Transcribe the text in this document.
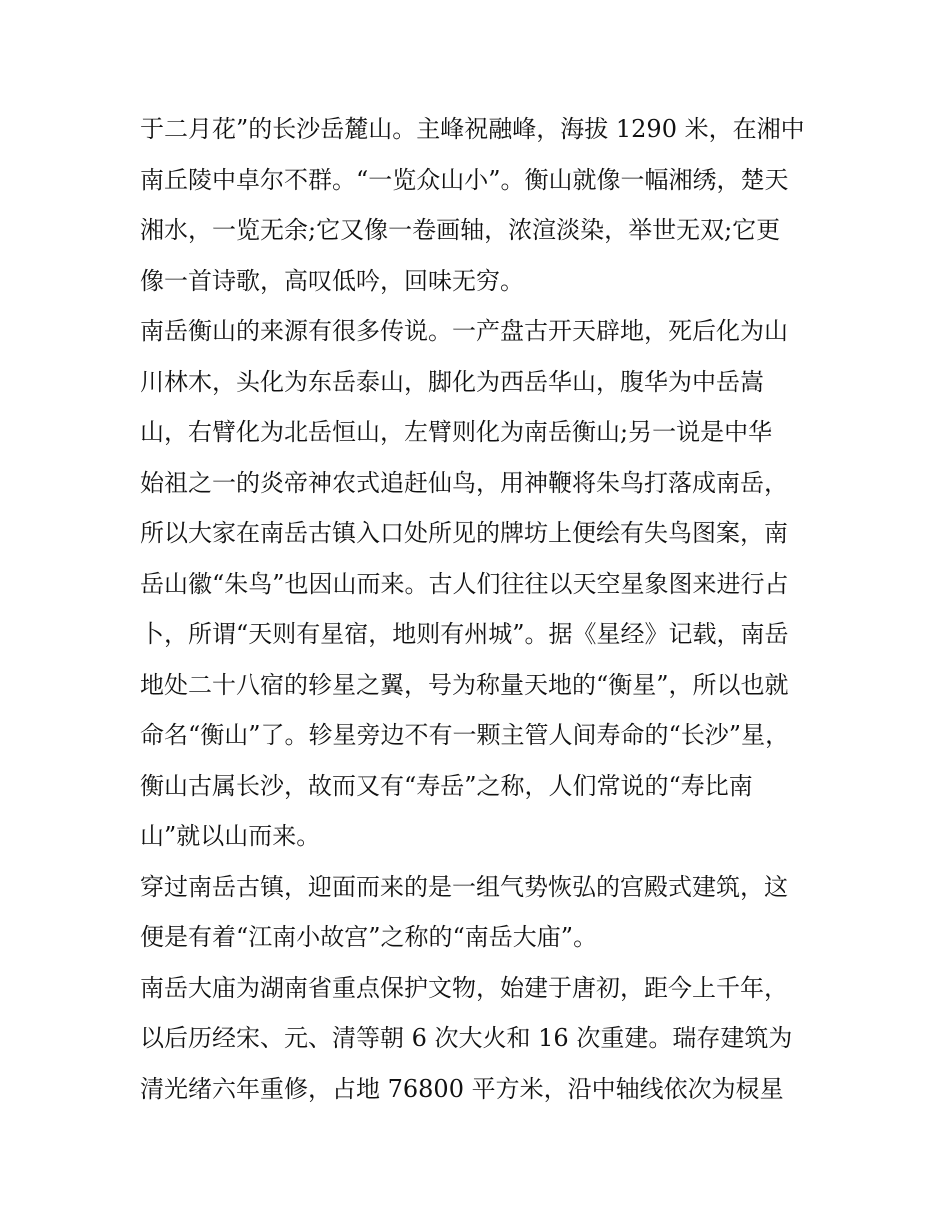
于二月花”的长沙岳麓山。主峰祝融峰，海拔 1290 米，在湘中
南丘陵中卓尔不群。“一览众山小”。衡山就像一幅湘绣，楚天
湘水，一览无余;它又像一卷画轴，浓渲淡染，举世无双;它更
像一首诗歌，高叹低吟，回味无穷。
南岳衡山的来源有很多传说。一产盘古开天辟地，死后化为山
川林木，头化为东岳泰山，脚化为西岳华山，腹华为中岳嵩
山，右臂化为北岳恒山，左臂则化为南岳衡山;另一说是中华
始祖之一的炎帝神农式追赶仙鸟，用神鞭将朱鸟打落成南岳，
所以大家在南岳古镇入口处所见的牌坊上便绘有失鸟图案，南
岳山徽“朱鸟”也因山而来。古人们往往以天空星象图来进行占
卜，所谓“天则有星宿，地则有州城”。据《星经》记载，南岳
地处二十八宿的轸星之翼，号为称量天地的“衡星”，所以也就
命名“衡山”了。轸星旁边不有一颗主管人间寿命的“长沙”星，
衡山古属长沙，故而又有“寿岳”之称，人们常说的“寿比南
山”就以山而来。
穿过南岳古镇，迎面而来的是一组气势恢弘的宫殿式建筑，这
便是有着“江南小故宫”之称的“南岳大庙”。
南岳大庙为湖南省重点保护文物，始建于唐初，距今上千年，
以后历经宋、元、清等朝 6 次大火和 16 次重建。瑞存建筑为
清光绪六年重修，占地 76800 平方米，沿中轴线依次为棂星
